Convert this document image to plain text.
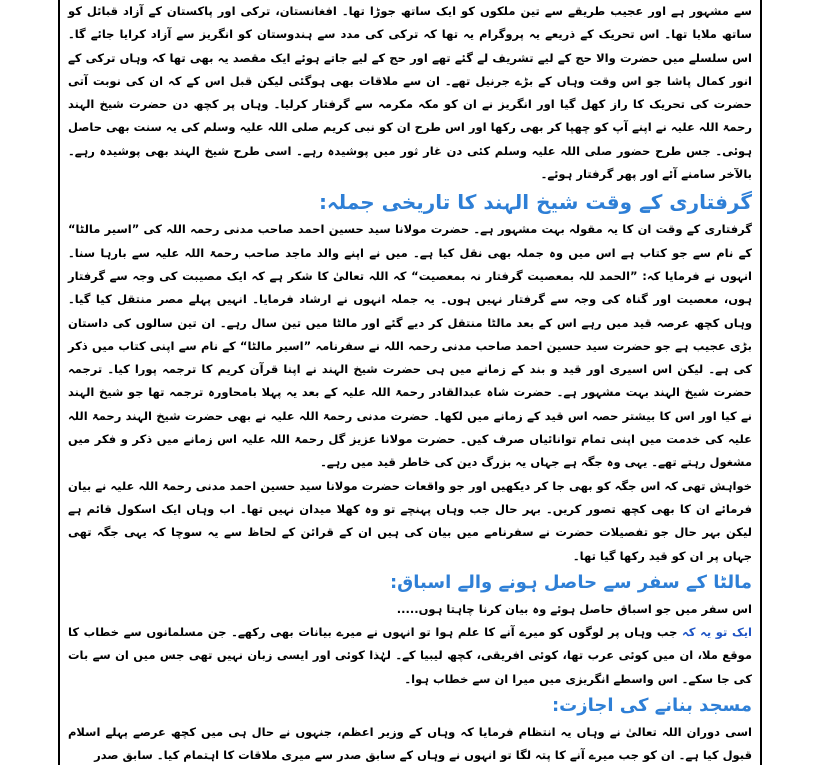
سے مشہور ہے اور عجیب طریقے سے تین ملکوں کو ایک ساتھ جوڑا تھا۔ افغانستان، ترکی اور پاکستان کے آزاد قبائل کو ساتھ ملایا تھا۔ اس تحریک کے ذریعے یہ پروگرام یہ تھا کہ ترکی کی مدد سے ہندوستان کو انگریز سے آزاد کرایا جائے گا۔ اس سلسلے میں حضرت والا حج کے لیے تشریف لے گئے تھے اور حج کے لیے جاتے ہوئے ایک مقصد یہ بھی تھا کہ وہاں ترکی کے انور کمال پاشا جو اس وقت وہاں کے بڑے جرنیل تھے۔ ان سے ملاقات بھی ہوگئی لیکن قبل اس کے کہ ان کی نوبت آتی حضرت کی تحریک کا راز کھل گیا اور انگریز نے ان کو مکہ مکرمہ سے گرفتار کرلیا۔ وہاں پر کچھ دن حضرت شیخ الہند رحمۃ اللہ علیہ نے اپنے آپ کو چھپا کر بھی رکھا اور اس طرح ان کو نبی کریم صلی اللہ علیہ وسلم کی یہ سنت بھی حاصل ہوئی۔ جس طرح حضور صلی اللہ علیہ وسلم کئی دن غار ثور میں پوشیدہ رہے۔ اسی طرح شیخ الہند بھی پوشیدہ رہے۔ بالآخر سامنے آئے اور پھر گرفتار ہوئے۔

گرفتاری کے وقت شیخ الہند کا تاریخی جملہ:

گرفتاری کے وقت ان کا یہ مقولہ بہت مشہور ہے۔ حضرت مولانا سید حسین احمد صاحب مدنی رحمہ اللہ کی ”اسیر مالٹا“ کے نام سے جو کتاب ہے اس میں وہ جملہ بھی نقل کیا ہے۔ میں نے اپنے والد ماجد صاحب رحمۃ اللہ علیہ سے بارہا سنا۔ انہوں نے فرمایا کہ: ”الحمد للہ بمعصیت گرفتار نہ بمعصیت“ کہ اللہ تعالیٰ کا شکر ہے کہ ایک مصیبت کی وجہ سے گرفتار ہوں، معصیت اور گناہ کی وجہ سے گرفتار نہیں ہوں۔ یہ جملہ انہوں نے ارشاد فرمایا۔ انہیں پہلے مصر منتقل کیا گیا۔ وہاں کچھ عرصہ قید میں رہے اس کے بعد مالٹا منتقل کر دیے گئے اور مالٹا میں تین سال رہے۔ ان تین سالوں کی داستان بڑی عجیب ہے جو حضرت سید حسین احمد صاحب مدنی رحمہ اللہ نے سفرنامہ ”اسیر مالٹا“ کے نام سے اپنی کتاب میں ذکر کی ہے۔ لیکن اس اسیری اور قید و بند کے زمانے میں ہی حضرت شیخ الہند نے اپنا قرآن کریم کا ترجمہ پورا کیا۔ ترجمہ حضرت شیخ الہند بہت مشہور ہے۔ حضرت شاہ عبدالقادر رحمۃ اللہ علیہ کے بعد یہ پہلا بامحاورہ ترجمہ تھا جو شیخ الہند نے کیا اور اس کا بیشتر حصہ اس قید کے زمانے میں لکھا۔ حضرت مدنی رحمۃ اللہ علیہ نے بھی حضرت شیخ الہند رحمۃ اللہ علیہ کی خدمت میں اپنی تمام توانائیاں صرف کیں۔ حضرت مولانا عزیز گل رحمۃ اللہ علیہ اس زمانے میں ذکر و فکر میں مشغول رہتے تھے۔ یہی وہ جگہ ہے جہاں یہ بزرگ دین کی خاطر قید میں رہے۔

خواہش تھی کہ اس جگہ کو بھی جا کر دیکھیں اور جو واقعات حضرت مولانا سید حسین احمد مدنی رحمۃ اللہ علیہ نے بیان فرمائے ان کا بھی کچھ تصور کریں۔ بہر حال جب وہاں پہنچے تو وہ کھلا میدان نہیں تھا۔ اب وہاں ایک اسکول قائم ہے لیکن بہر حال جو تفصیلات حضرت نے سفرنامے میں بیان کی ہیں ان کے قرائن کے لحاظ سے یہ سوچا کہ یہی جگہ تھی جہاں پر ان کو قید رکھا گیا تھا۔

مالٹا کے سفر سے حاصل ہونے والے اسباق:

اس سفر میں جو اسباق حاصل ہوئے وہ بیان کرنا چاہتا ہوں.....

ایک تو یہ کہ جب وہاں پر لوگوں کو میرے آنے کا علم ہوا تو انہوں نے میرے بیانات بھی رکھے۔ جن مسلمانوں سے خطاب کا موقع ملا، ان میں کوئی عرب تھا، کوئی افریقی، کچھ لیبیا کے۔ لہٰذا کوئی اور ایسی زبان نہیں تھی جس میں ان سے بات کی جا سکے۔ اس واسطے انگریزی میں میرا ان سے خطاب ہوا۔

مسجد بنانے کی اجازت:

اسی دوران اللہ تعالیٰ نے وہاں یہ انتظام فرمایا کہ وہاں کے وزیر اعظم، جنہوں نے حال ہی میں کچھ عرصے پہلے اسلام قبول کیا ہے۔ ان کو جب میرے آنے کا پتہ لگا تو انہوں نے وہاں کے سابق صدر سے میری ملاقات کا اہتمام کیا۔ سابق صدر
